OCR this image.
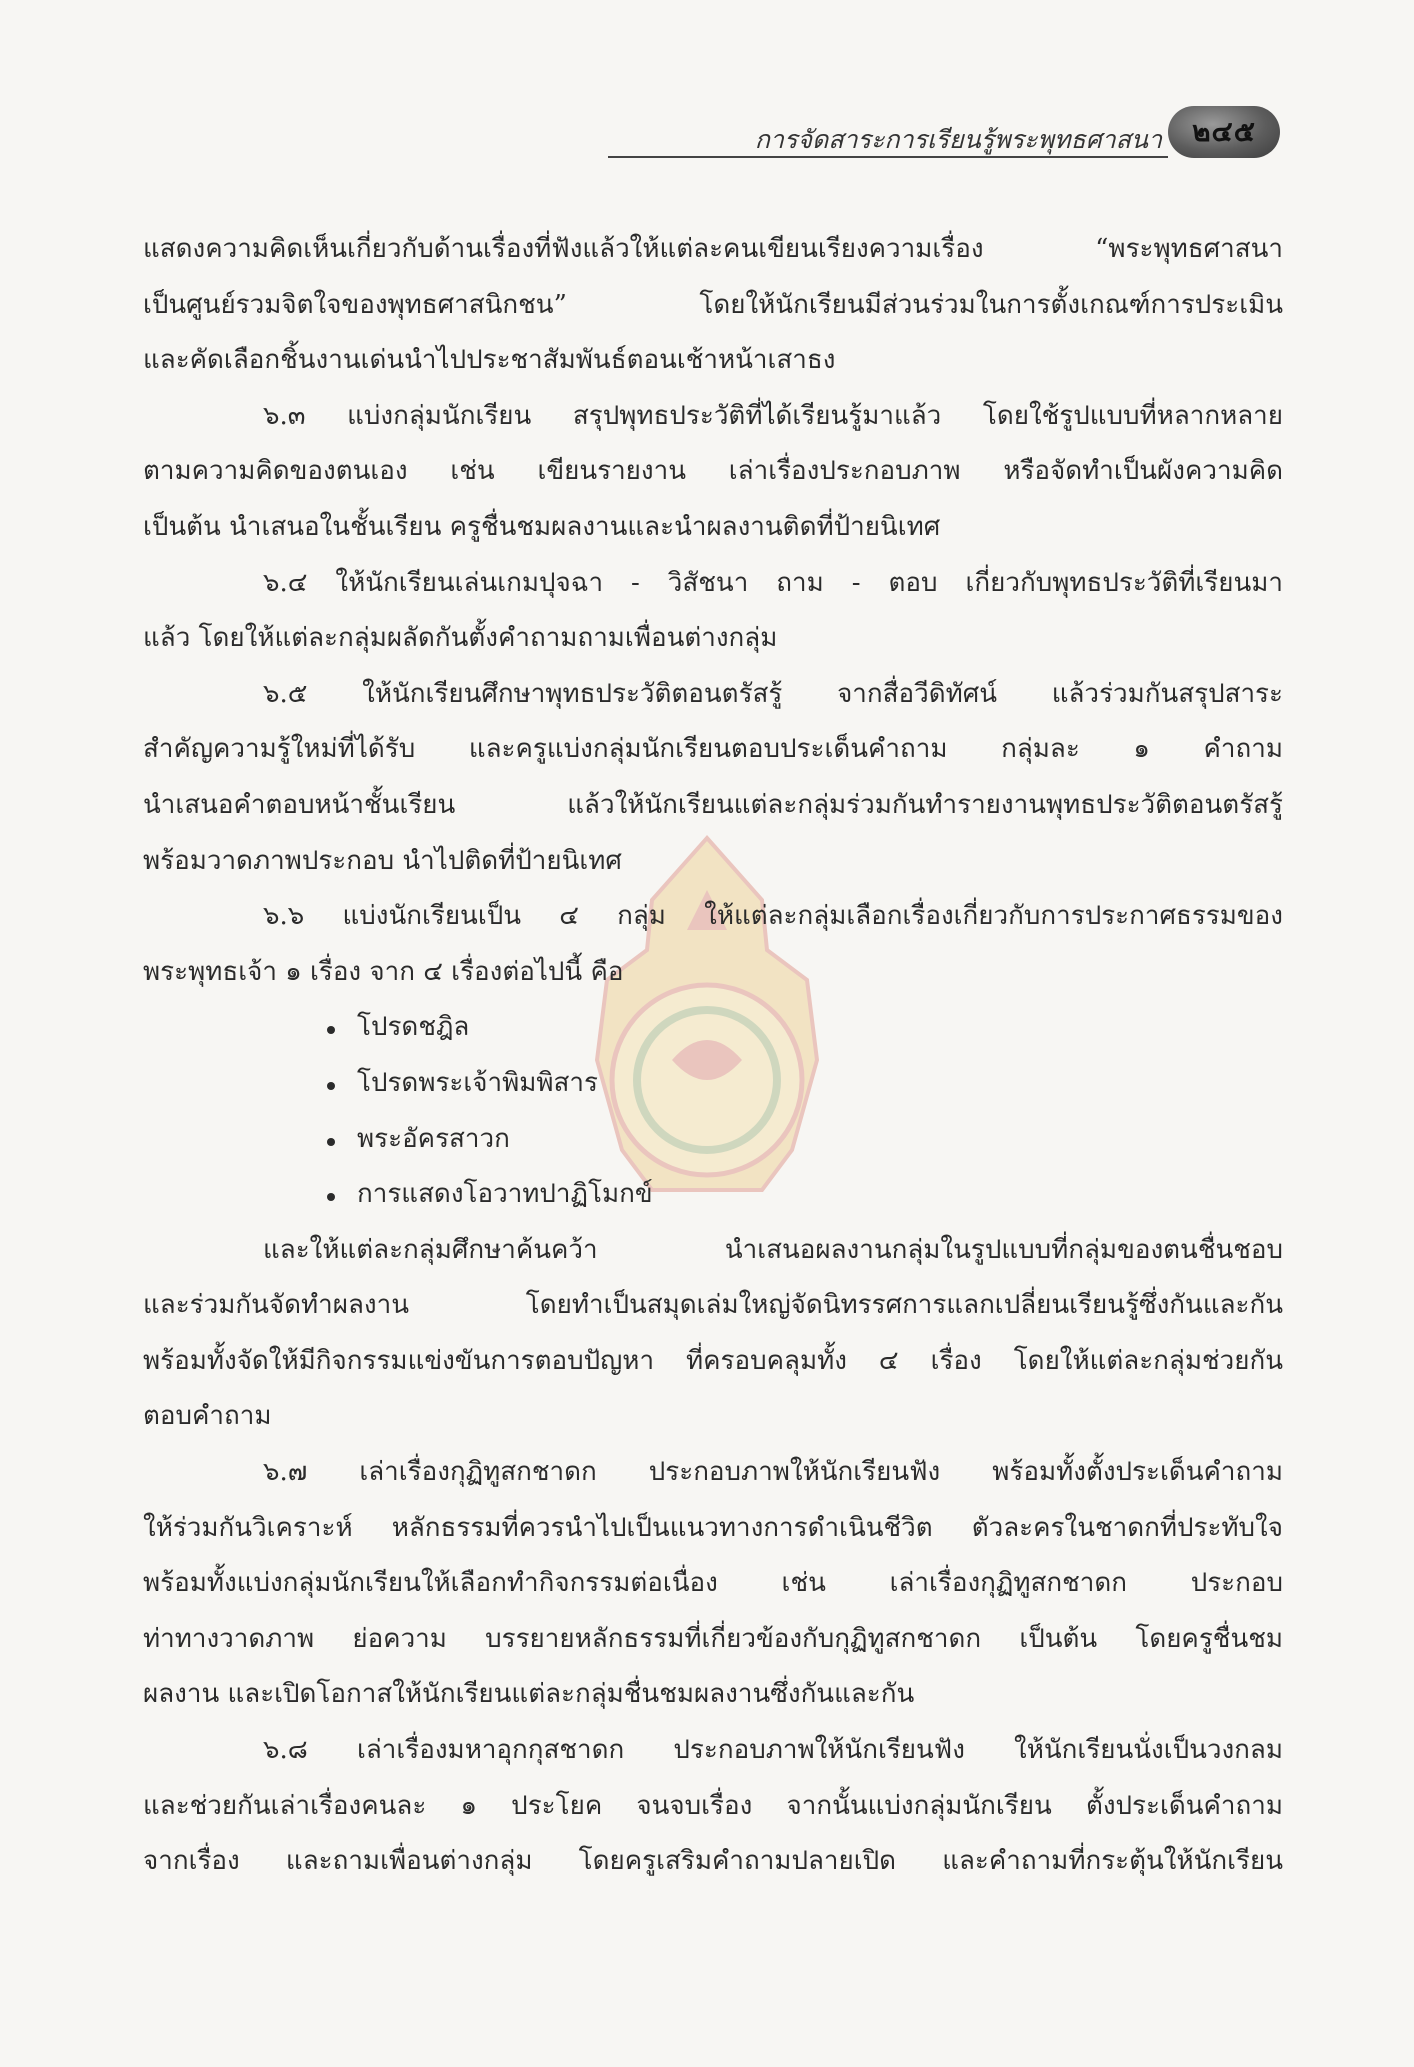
การจัดสาระการเรียนรู้พระพุทธศาสนา	๒๔๕

แสดงความคิดเห็นเกี่ยวกับด้านเรื่องที่ฟังแล้วให้แต่ละคนเขียนเรียงความเรื่อง “พระพุทธศาสนา

เป็นศูนย์รวมจิตใจของพุทธศาสนิกชน” โดยให้นักเรียนมีส่วนร่วมในการตั้งเกณฑ์การประเมิน

และคัดเลือกชิ้นงานเด่นนำไปประชาสัมพันธ์ตอนเช้าหน้าเสาธง

๖.๓ แบ่งกลุ่มนักเรียน สรุปพุทธประวัติที่ได้เรียนรู้มาแล้ว โดยใช้รูปแบบที่หลากหลาย

ตามความคิดของตนเอง เช่น เขียนรายงาน เล่าเรื่องประกอบภาพ หรือจัดทำเป็นผังความคิด

เป็นต้น นำเสนอในชั้นเรียน ครูชื่นชมผลงานและนำผลงานติดที่ป้ายนิเทศ

๖.๔ ให้นักเรียนเล่นเกมปุจฉา - วิสัชนา ถาม - ตอบ เกี่ยวกับพุทธประวัติที่เรียนมา

แล้ว โดยให้แต่ละกลุ่มผลัดกันตั้งคำถามถามเพื่อนต่างกลุ่ม

๖.๕ ให้นักเรียนศึกษาพุทธประวัติตอนตรัสรู้ จากสื่อวีดิทัศน์ แล้วร่วมกันสรุปสาระ

สำคัญความรู้ใหม่ที่ได้รับ และครูแบ่งกลุ่มนักเรียนตอบประเด็นคำถาม กลุ่มละ ๑ คำถาม

นำเสนอคำตอบหน้าชั้นเรียน แล้วให้นักเรียนแต่ละกลุ่มร่วมกันทำรายงานพุทธประวัติตอนตรัสรู้

พร้อมวาดภาพประกอบ นำไปติดที่ป้ายนิเทศ

๖.๖ แบ่งนักเรียนเป็น ๔ กลุ่ม ให้แต่ละกลุ่มเลือกเรื่องเกี่ยวกับการประกาศธรรมของ

พระพุทธเจ้า ๑ เรื่อง จาก ๔ เรื่องต่อไปนี้ คือ

โปรดชฎิล
โปรดพระเจ้าพิมพิสาร
พระอัครสาวก
การแสดงโอวาทปาฏิโมกข์

และให้แต่ละกลุ่มศึกษาค้นคว้า นำเสนอผลงานกลุ่มในรูปแบบที่กลุ่มของตนชื่นชอบ

และร่วมกันจัดทำผลงาน โดยทำเป็นสมุดเล่มใหญ่จัดนิทรรศการแลกเปลี่ยนเรียนรู้ซึ่งกันและกัน

พร้อมทั้งจัดให้มีกิจกรรมแข่งขันการตอบปัญหา ที่ครอบคลุมทั้ง ๔ เรื่อง โดยให้แต่ละกลุ่มช่วยกัน

ตอบคำถาม

๖.๗ เล่าเรื่องกุฏิทูสกชาดก ประกอบภาพให้นักเรียนฟัง พร้อมทั้งตั้งประเด็นคำถาม

ให้ร่วมกันวิเคราะห์ หลักธรรมที่ควรนำไปเป็นแนวทางการดำเนินชีวิต ตัวละครในชาดกที่ประทับใจ

พร้อมทั้งแบ่งกลุ่มนักเรียนให้เลือกทำกิจกรรมต่อเนื่อง เช่น เล่าเรื่องกุฏิทูสกชาดก ประกอบ

ท่าทางวาดภาพ ย่อความ บรรยายหลักธรรมที่เกี่ยวข้องกับกุฏิทูสกชาดก เป็นต้น โดยครูชื่นชม

ผลงาน และเปิดโอกาสให้นักเรียนแต่ละกลุ่มชื่นชมผลงานซึ่งกันและกัน

๖.๘ เล่าเรื่องมหาอุกกุสชาดก ประกอบภาพให้นักเรียนฟัง ให้นักเรียนนั่งเป็นวงกลม

และช่วยกันเล่าเรื่องคนละ ๑ ประโยค จนจบเรื่อง จากนั้นแบ่งกลุ่มนักเรียน ตั้งประเด็นคำถาม

จากเรื่อง และถามเพื่อนต่างกลุ่ม โดยครูเสริมคำถามปลายเปิด และคำถามที่กระตุ้นให้นักเรียน
